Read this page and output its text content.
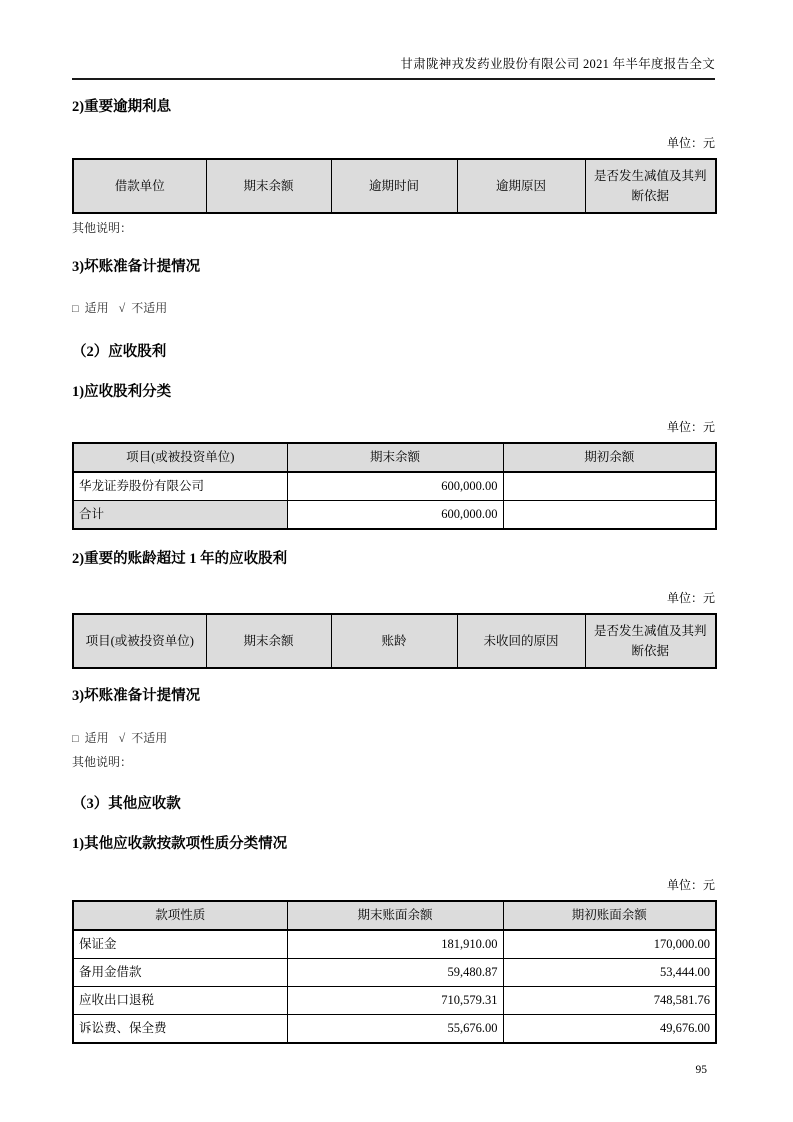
甘肃陇神戎发药业股份有限公司 2021 年半年度报告全文
2)重要逾期利息
单位：元
借款单位	期末余额	逾期时间	逾期原因	是否发生减值及其判断依据
其他说明：
3)坏账准备计提情况
□ 适用 √ 不适用
（2）应收股利
1)应收股利分类
单位：元
项目(或被投资单位)	期末余额	期初余额
华龙证券股份有限公司	600,000.00	
合计	600,000.00	
2)重要的账龄超过 1 年的应收股利
单位：元
项目(或被投资单位)	期末余额	账龄	未收回的原因	是否发生减值及其判断依据
3)坏账准备计提情况
□ 适用 √ 不适用
其他说明：
（3）其他应收款
1)其他应收款按款项性质分类情况
单位：元
款项性质	期末账面余额	期初账面余额
保证金	181,910.00	170,000.00
备用金借款	59,480.87	53,444.00
应收出口退税	710,579.31	748,581.76
诉讼费、保全费	55,676.00	49,676.00
95
